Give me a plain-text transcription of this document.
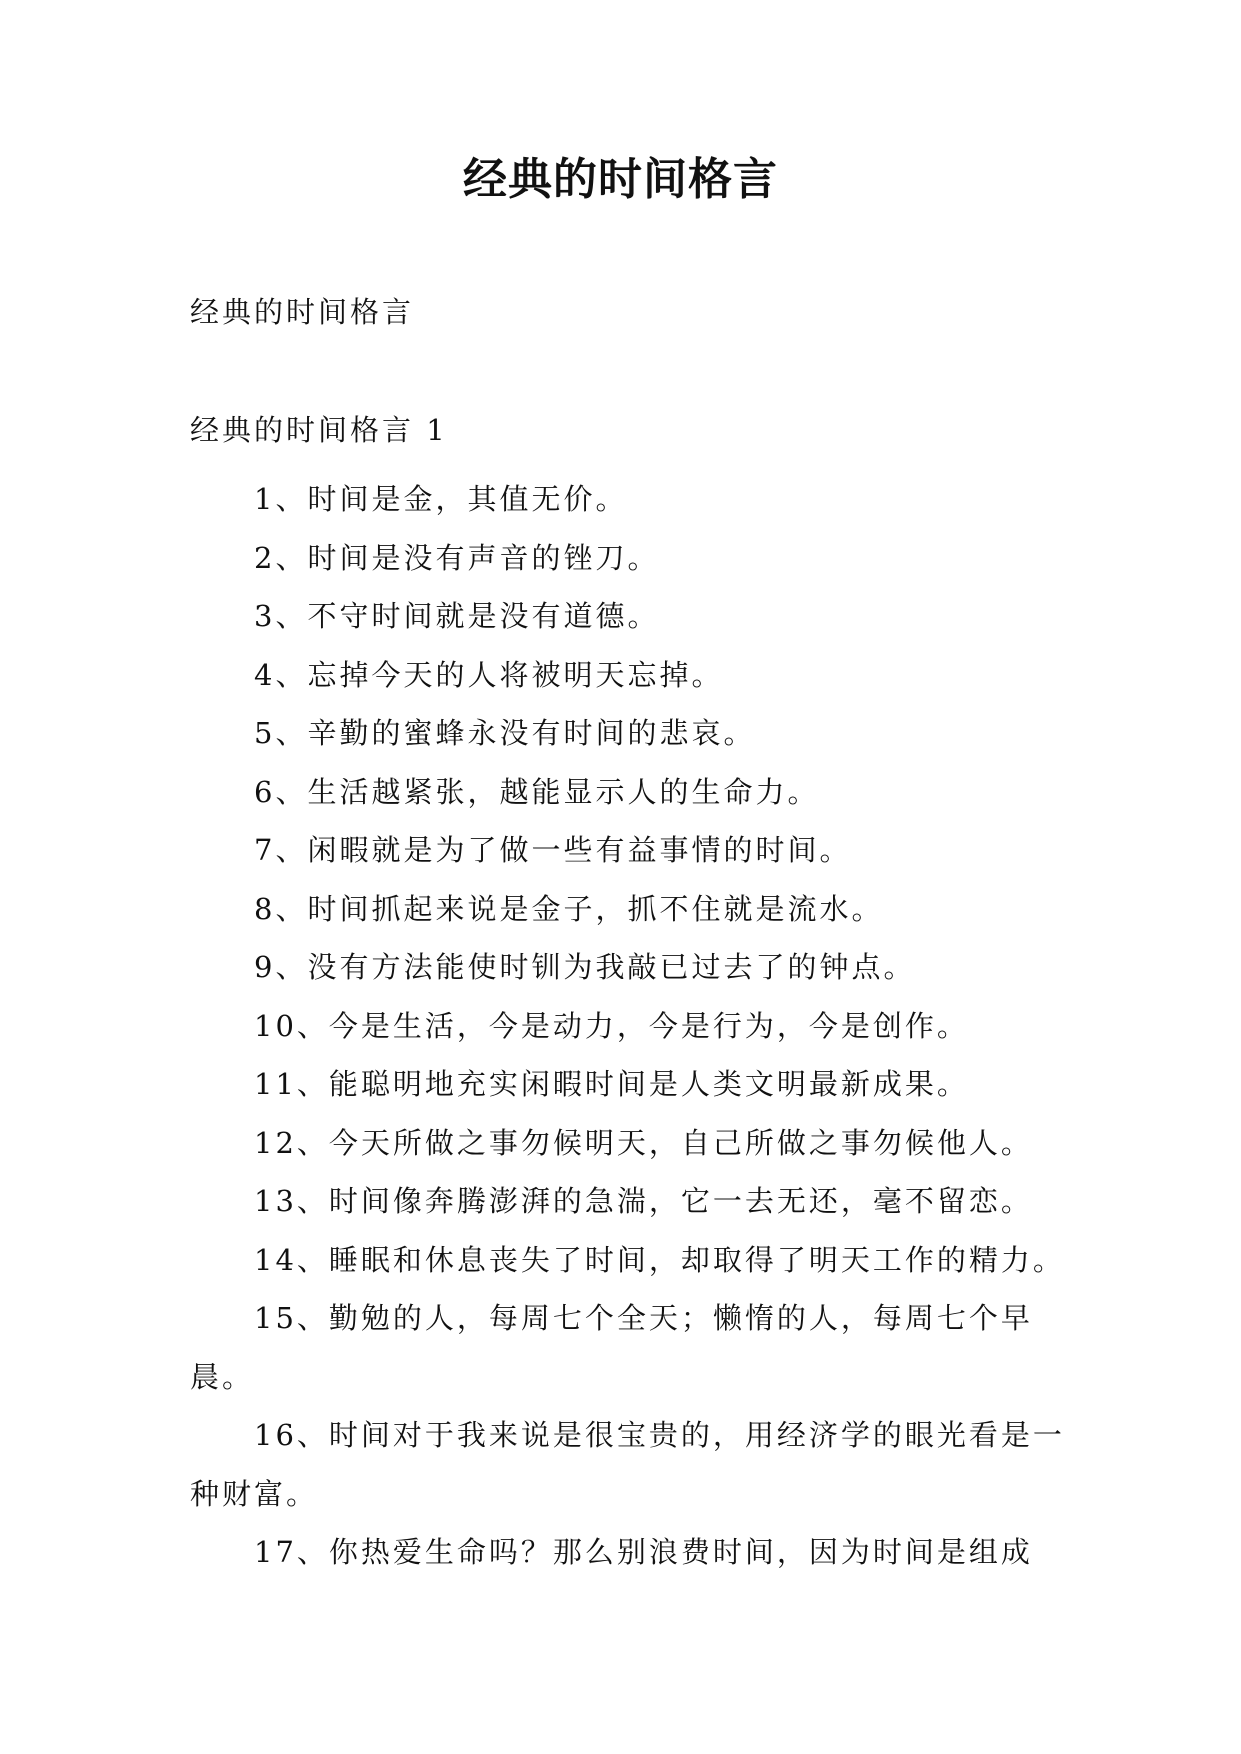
经典的时间格言
经典的时间格言
经典的时间格言 1
1、时间是金，其值无价。
2、时间是没有声音的锉刀。
3、不守时间就是没有道德。
4、忘掉今天的人将被明天忘掉。
5、辛勤的蜜蜂永没有时间的悲哀。
6、生活越紧张，越能显示人的生命力。
7、闲暇就是为了做一些有益事情的时间。
8、时间抓起来说是金子，抓不住就是流水。
9、没有方法能使时钏为我敲已过去了的钟点。
10、今是生活，今是动力，今是行为，今是创作。
11、能聪明地充实闲暇时间是人类文明最新成果。
12、今天所做之事勿候明天，自己所做之事勿候他人。
13、时间像奔腾澎湃的急湍，它一去无还，毫不留恋。
14、睡眠和休息丧失了时间，却取得了明天工作的精力。
15、勤勉的人，每周七个全天；懒惰的人，每周七个早晨。
16、时间对于我来说是很宝贵的，用经济学的眼光看是一种财富。
17、你热爱生命吗？那么别浪费时间，因为时间是组成
